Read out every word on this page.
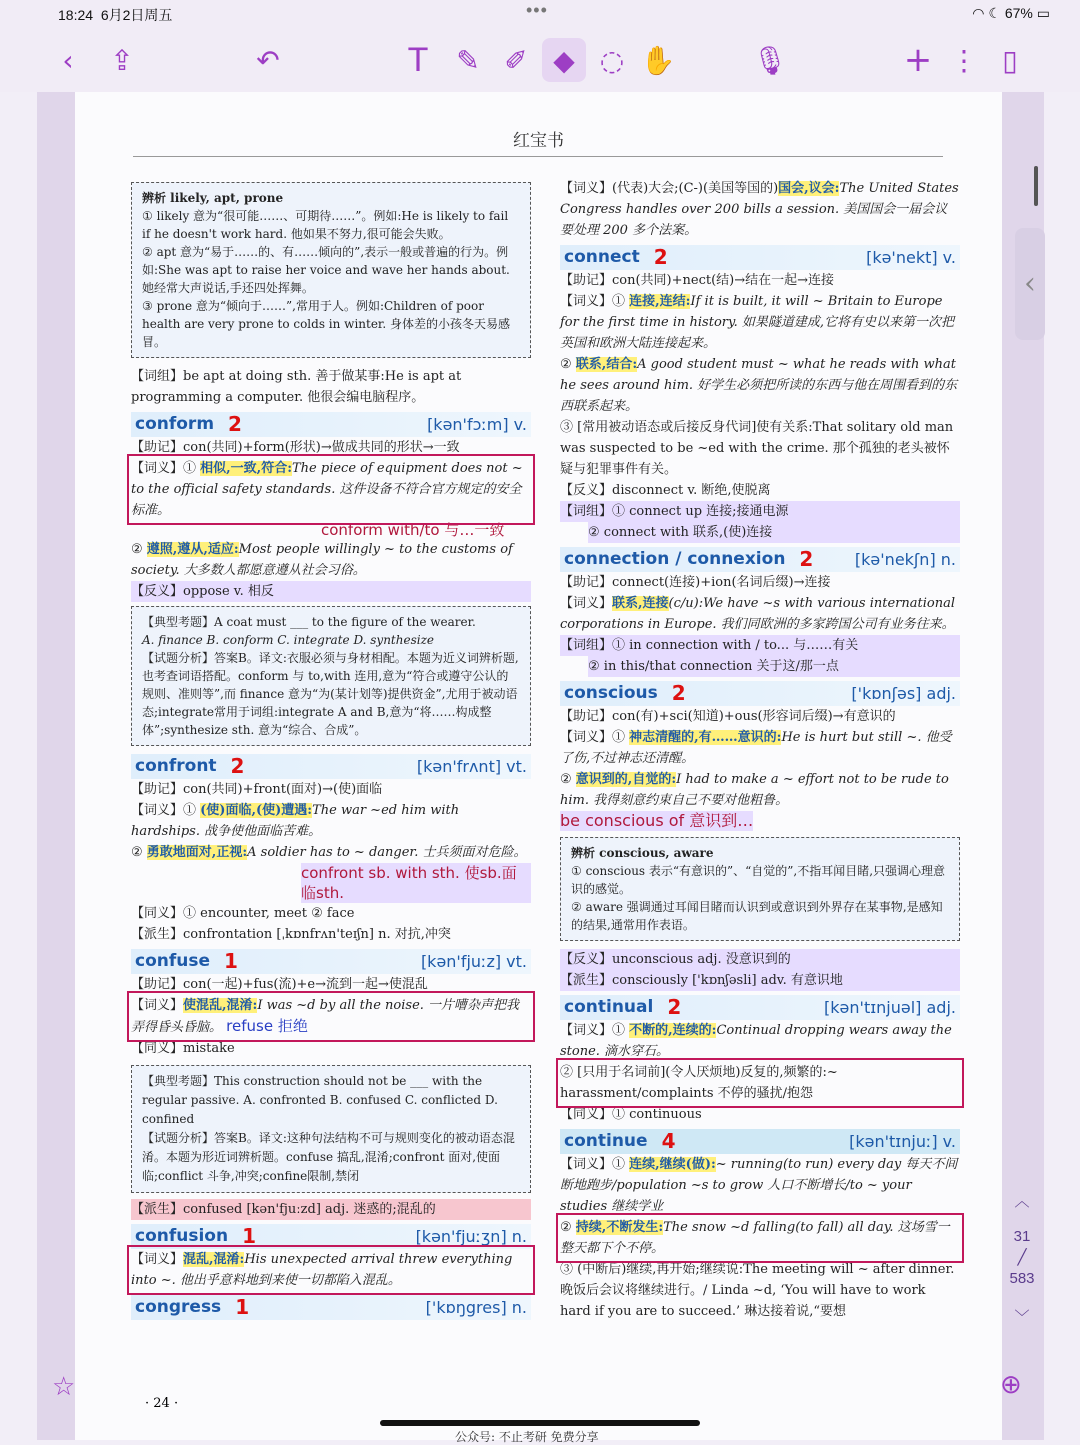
18:24 6月2日周五	•••	◠ ☾ 67% ▭
‹	⇪	↶	T ✎ ✐ ◆ ◌ ✋	🎙	+ ⋮ ▯
红宝书
辨析 likely, apt, prone
① likely 意为“很可能……、可期待……”。例如:He is likely to fail if he doesn't work hard. 他如果不努力,很可能会失败。
② apt 意为“易于……的、有……倾向的”,表示一般或普遍的行为。例如:She was apt to raise her voice and wave her hands about. 她经常大声说话,手还四处挥舞。
③ prone 意为“倾向于……”,常用于人。例如:Children of poor health are very prone to colds in winter. 身体差的小孩冬天易感冒。
【词组】be apt at doing sth. 善于做某事:He is apt at programming a computer. 他很会编电脑程序。
conform 2	[kən'fɔːm] v.
【助记】con(共同)+form(形状)→做成共同的形状→一致
【词义】① 相似,一致,符合:The piece of equipment does not ~ to the official safety standards. 这件设备不符合官方规定的安全标准。
conform with/to 与…一致
② 遵照,遵从,适应:Most people willingly ~ to the customs of society. 大多数人都愿意遵从社会习俗。
【反义】oppose v. 相反
【典型考题】A coat must ___ to the figure of the wearer.
A. finance B. conform C. integrate D. synthesize
【试题分析】答案B。译文:衣服必须与身材相配。本题为近义词辨析题,也考查词语搭配。conform 与 to,with 连用,意为“符合或遵守公认的规则、准则等”,而 finance 意为“为(某计划等)提供资金”,尤用于被动语态;integrate常用于词组:integrate A and B,意为“将……构成整体”;synthesize sth. 意为“综合、合成”。
confront 2	[kən'frʌnt] vt.
【助记】con(共同)+front(面对)→(使)面临
【词义】① (使)面临,(使)遭遇:The war ~ed him with hardships. 战争使他面临苦难。
② 勇敢地面对,正视:A soldier has to ~ danger. 士兵须面对危险。
confront sb. with sth. 使sb.面临sth.
【同义】① encounter, meet ② face
【派生】confrontation [ˌkɒnfrʌn'teɪʃn] n. 对抗,冲突
confuse 1	[kən'fjuːz] vt.
【助记】con(一起)+fus(流)+e→流到一起→使混乱
【词义】使混乱,混淆:I was ~d by all the noise. 一片嘈杂声把我弄得昏头昏脑。 refuse 拒绝
【同义】mistake
【典型考题】This construction should not be ___ with the regular passive. A. confronted B. confused C. conflicted D. confined
【试题分析】答案B。译文:这种句法结构不可与规则变化的被动语态混淆。本题为形近词辨析题。confuse 搞乱,混淆;confront 面对,使面临;conflict 斗争,冲突;confine限制,禁闭
【派生】confused [kən'fjuːzd] adj. 迷惑的;混乱的
confusion 1	[kən'fjuːʒn] n.
【词义】混乱,混淆:His unexpected arrival threw everything into ~. 他出乎意料地到来使一切都陷入混乱。
congress 1	['kɒŋgres] n.
【词义】(代表)大会;(C-)(美国等国的)国会,议会:The United States Congress handles over 200 bills a session. 美国国会一届会议要处理 200 多个法案。
connect 2	[kə'nekt] v.
【助记】con(共同)+nect(结)→结在一起→连接
【词义】① 连接,连结:If it is built, it will ~ Britain to Europe for the first time in history. 如果隧道建成,它将有史以来第一次把英国和欧洲大陆连接起来。
② 联系,结合:A good student must ~ what he reads with what he sees around him. 好学生必须把所读的东西与他在周围看到的东西联系起来。
③ [常用被动语态或后接反身代词]使有关系:That solitary old man was suspected to be ~ed with the crime. 那个孤独的老头被怀疑与犯罪事件有关。
【反义】disconnect v. 断绝,使脱离
【词组】① connect up 连接;接通电源
② connect with 联系,(使)连接
connection / connexion 2	[kə'nekʃn] n.
【助记】connect(连接)+ion(名词后缀)→连接
【词义】联系,连接(c/u):We have ~s with various international corporations in Europe. 我们同欧洲的多家跨国公司有业务往来。
【词组】① in connection with / to... 与……有关
② in this/that connection 关于这/那一点
conscious 2	['kɒnʃəs] adj.
【助记】con(有)+sci(知道)+ous(形容词后缀)→有意识的
【词义】① 神志清醒的,有……意识的:He is hurt but still ~. 他受了伤,不过神志还清醒。
② 意识到的,自觉的:I had to make a ~ effort not to be rude to him. 我得刻意约束自己不要对他粗鲁。
be conscious of 意识到…
辨析 conscious, aware
① conscious 表示“有意识的”、“自觉的”,不指耳闻目睹,只强调心理意识的感觉。
② aware 强调通过耳闻目睹而认识到或意识到外界存在某事物,是感知的结果,通常用作表语。
【反义】unconscious adj. 没意识到的
【派生】consciously ['kɒnʃəsli] adv. 有意识地
continual 2	[kən'tɪnjuəl] adj.
【词义】① 不断的,连续的:Continual dropping wears away the stone. 滴水穿石。
② [只用于名词前](令人厌烦地)反复的,频繁的:~ harassment/complaints 不停的骚扰/抱怨
【同义】① continuous
continue 4	[kən'tɪnjuː] v.
【词义】① 连续,继续(做):~ running(to run) every day 每天不间断地跑步/population ~s to grow 人口不断增长/to ~ your studies 继续学业
② 持续,不断发生:The snow ~d falling(to fall) all day. 这场雪一整天都下个不停。
③ (中断后)继续,再开始;继续说:The meeting will ~ after dinner. 晚饭后会议将继续进行。/ Linda ~d, ‘You will have to work hard if you are to succeed.’ 琳达接着说,“要想
· 24 ·
公众号: 不止考研 免费分享
‹
︿
31
╱
583
﹀
☆	⊕
